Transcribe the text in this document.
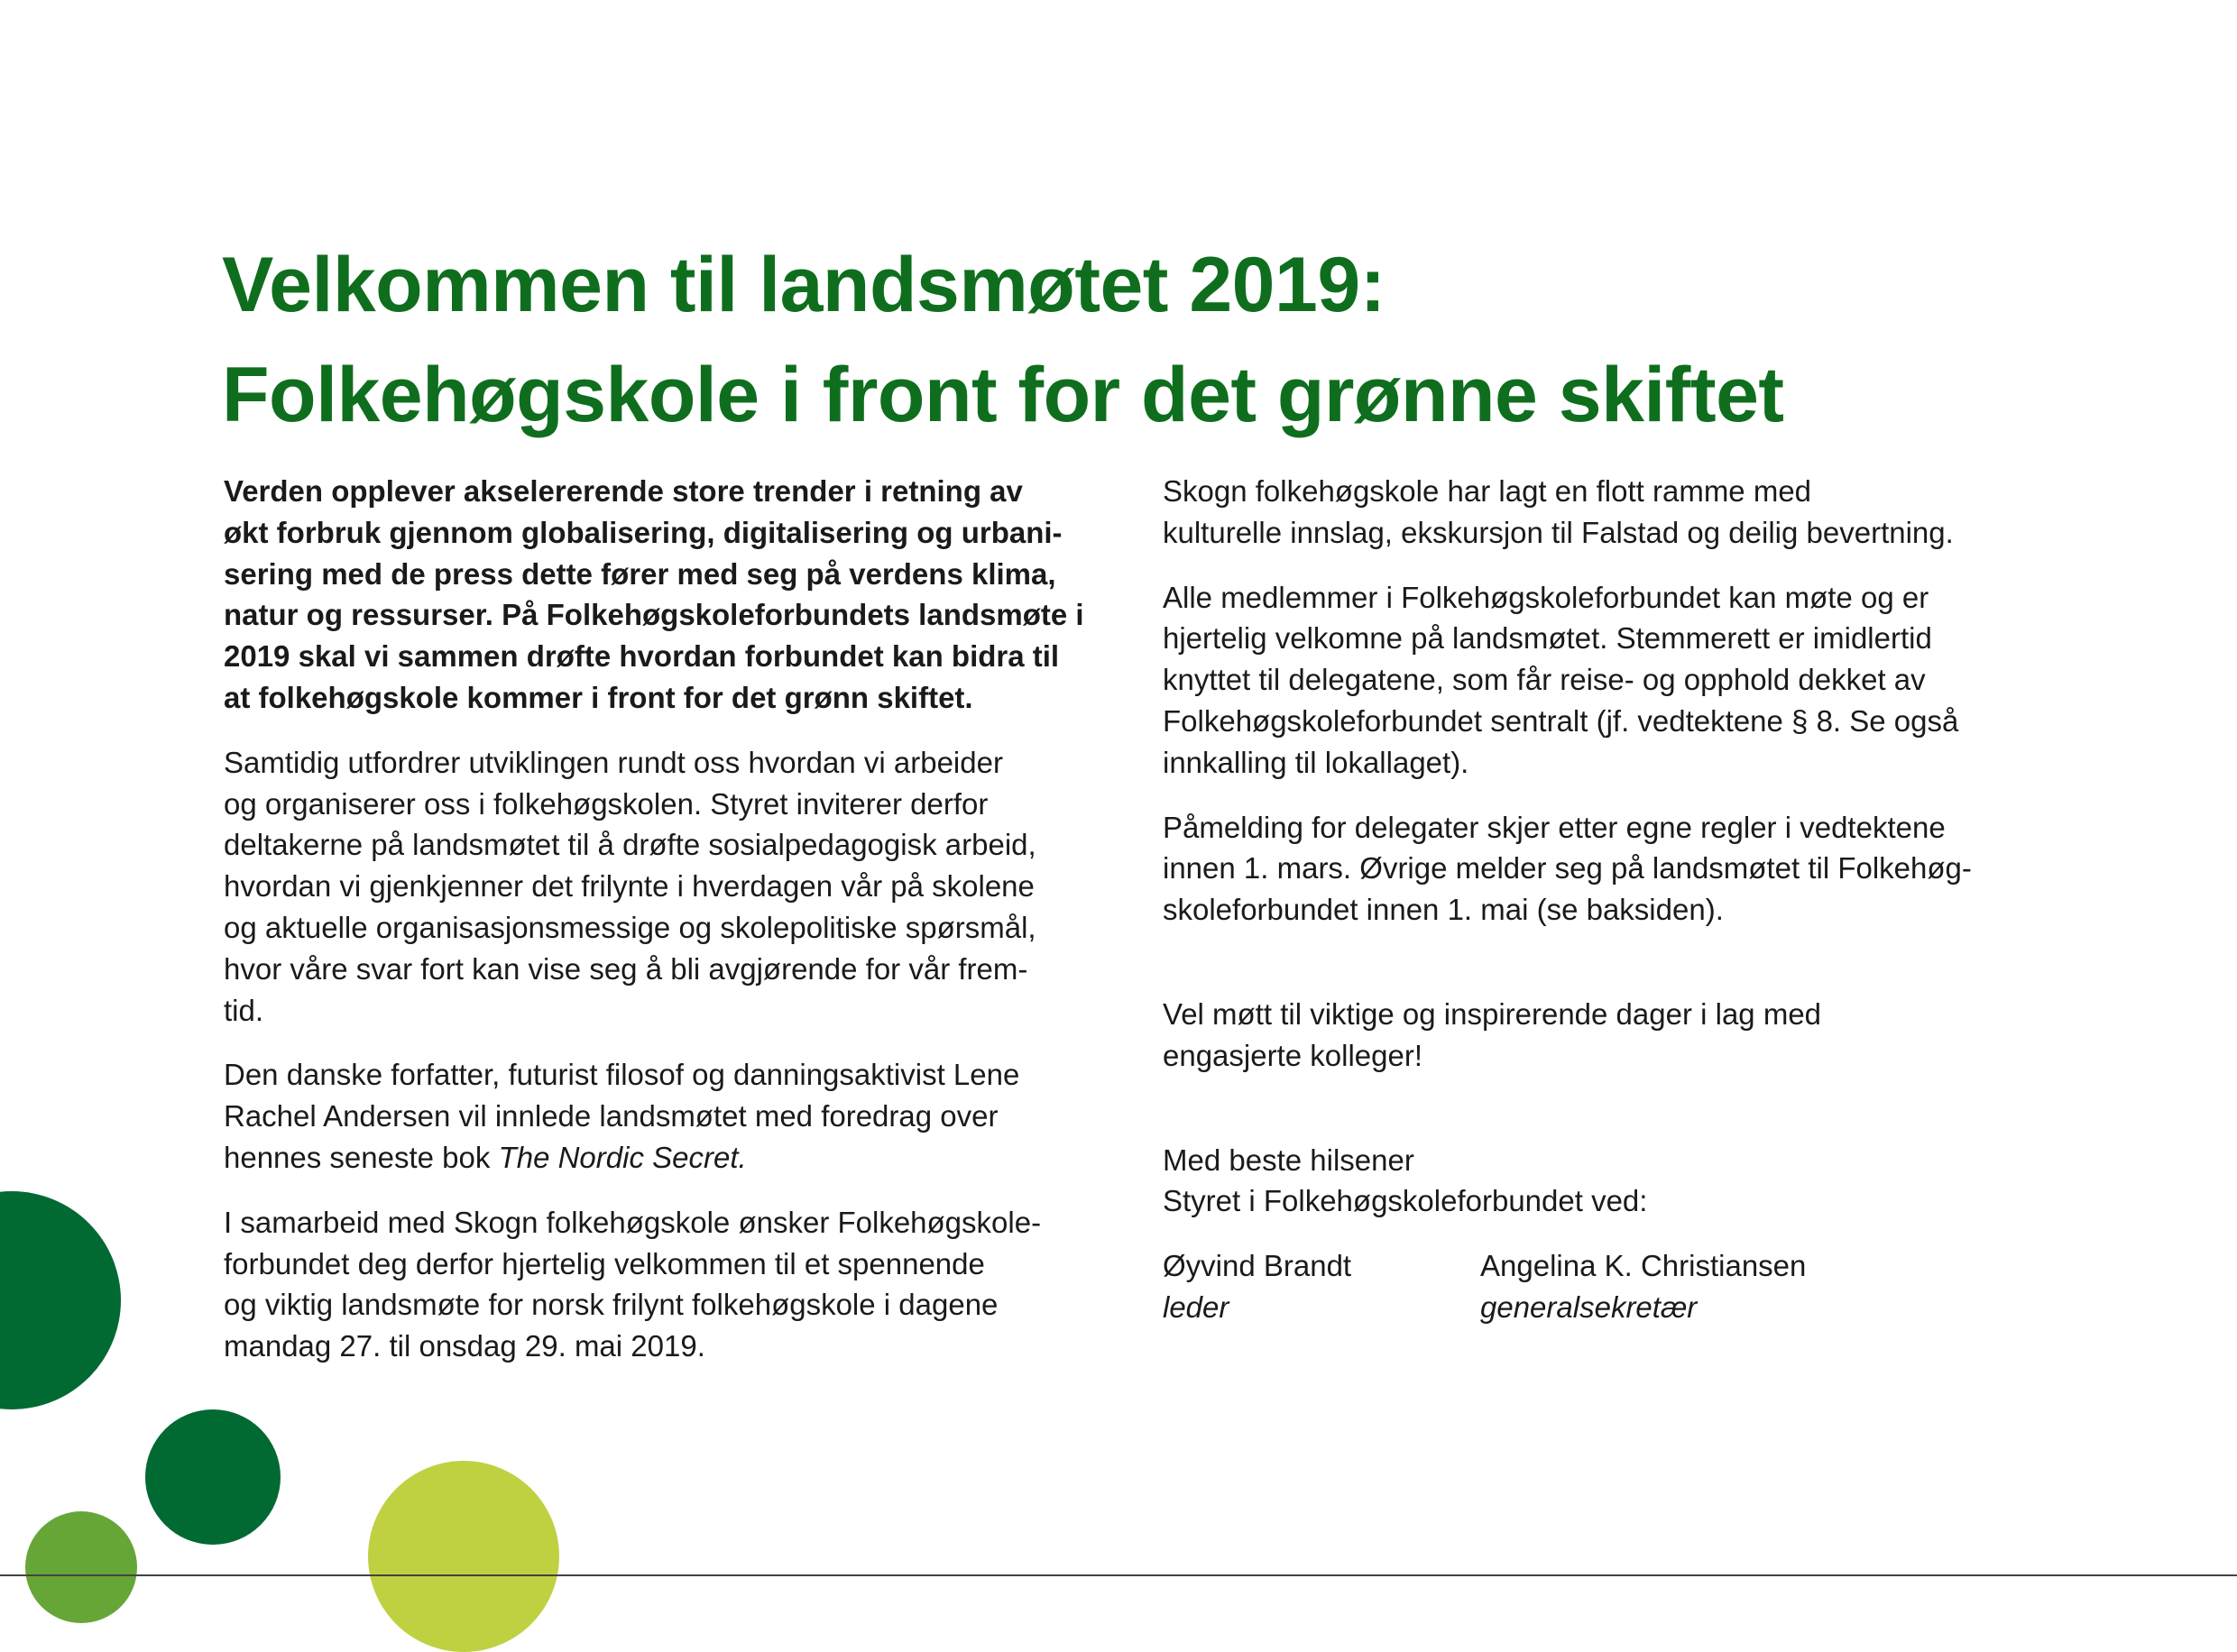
Velkommen til landsmøtet 2019:
Folkehøgskole i front for det grønne skiftet

Verden opplever akselererende store trender i retning av
økt forbruk gjennom globalisering, digitalisering og urbani-
sering med de press dette fører med seg på verdens klima,
natur og ressurser. På Folkehøgskoleforbundets landsmøte i
2019 skal vi sammen drøfte hvordan forbundet kan bidra til
at folkehøgskole kommer i front for det grønn skiftet.

Samtidig utfordrer utviklingen rundt oss hvordan vi arbeider
og organiserer oss i folkehøgskolen. Styret inviterer derfor
deltakerne på landsmøtet til å drøfte sosialpedagogisk arbeid,
hvordan vi gjenkjenner det frilynte i hverdagen vår på skolene
og aktuelle organisasjonsmessige og skolepolitiske spørsmål,
hvor våre svar fort kan vise seg å bli avgjørende for vår frem-
tid.

Den danske forfatter, futurist filosof og danningsaktivist Lene
Rachel Andersen vil innlede landsmøtet med foredrag over
hennes seneste bok The Nordic Secret.

I samarbeid med Skogn folkehøgskole ønsker Folkehøgskole-
forbundet deg derfor hjertelig velkommen til et spennende
og viktig landsmøte for norsk frilynt folkehøgskole i dagene
mandag 27. til onsdag 29. mai 2019.

Skogn folkehøgskole har lagt en flott ramme med
kulturelle innslag, ekskursjon til Falstad og deilig bevertning.

Alle medlemmer i Folkehøgskoleforbundet kan møte og er
hjertelig velkomne på landsmøtet. Stemmerett er imidlertid
knyttet til delegatene, som får reise- og opphold dekket av
Folkehøgskoleforbundet sentralt (jf. vedtektene § 8. Se også
innkalling til lokallaget).

Påmelding for delegater skjer etter egne regler i vedtektene
innen 1. mars. Øvrige melder seg på landsmøtet til Folkehøg-
skoleforbundet innen 1. mai (se baksiden).

Vel møtt til viktige og inspirerende dager i lag med
engasjerte kolleger!

Med beste hilsener
Styret i Folkehøgskoleforbundet ved:

Øyvind Brandt
leder
Angelina K. Christiansen
generalsekretær
